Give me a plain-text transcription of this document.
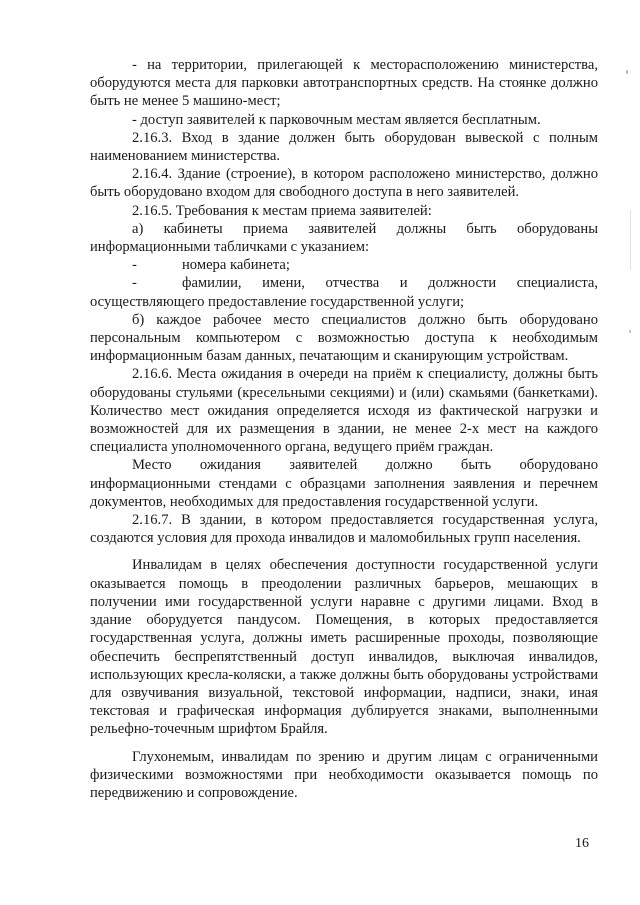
- на территории, прилегающей к месторасположению министерства, оборудуются места для парковки автотранспортных средств. На стоянке должно быть не менее 5 машино-мест;

- доступ заявителей к парковочным местам является бесплатным.

2.16.3. Вход в здание должен быть оборудован вывеской с полным наименованием министерства.

2.16.4. Здание (строение), в котором расположено министерство, должно быть оборудовано входом для свободного доступа в него заявителей.

2.16.5. Требования к местам приема заявителей:

а) кабинеты приема заявителей должны быть оборудованы информационными табличками с указанием:

-	номера кабинета;

-	фамилии, имени, отчества и должности специалиста, осуществляющего предоставление государственной услуги;

б) каждое рабочее место специалистов должно быть оборудовано персональным компьютером с возможностью доступа к необходимым информационным базам данных, печатающим и сканирующим устройствам.

2.16.6. Места ожидания в очереди на приём к специалисту, должны быть оборудованы стульями (кресельными секциями) и (или) скамьями (банкетками). Количество мест ожидания определяется исходя из фактической нагрузки и возможностей для их размещения в здании, не менее 2-х мест на каждого специалиста уполномоченного органа, ведущего приём граждан.

Место ожидания заявителей должно быть оборудовано информационными стендами с образцами заполнения заявления и перечнем документов, необходимых для предоставления государственной услуги.

2.16.7. В здании, в котором предоставляется государственная услуга, создаются условия для прохода инвалидов и маломобильных групп населения.

Инвалидам в целях обеспечения доступности государственной услуги оказывается помощь в преодолении различных барьеров, мешающих в получении ими государственной услуги наравне с другими лицами. Вход в здание оборудуется пандусом. Помещения, в которых предоставляется государственная услуга, должны иметь расширенные проходы, позволяющие обеспечить беспрепятственный доступ инвалидов, выключая инвалидов, использующих кресла-коляски, а также должны быть оборудованы устройствами для озвучивания визуальной, текстовой информации, надписи, знаки, иная текстовая и графическая информация дублируется знаками, выполненными рельефно-точечным шрифтом Брайля.

Глухонемым, инвалидам по зрению и другим лицам с ограниченными физическими возможностями при необходимости оказывается помощь по передвижению и сопровождение.

16
